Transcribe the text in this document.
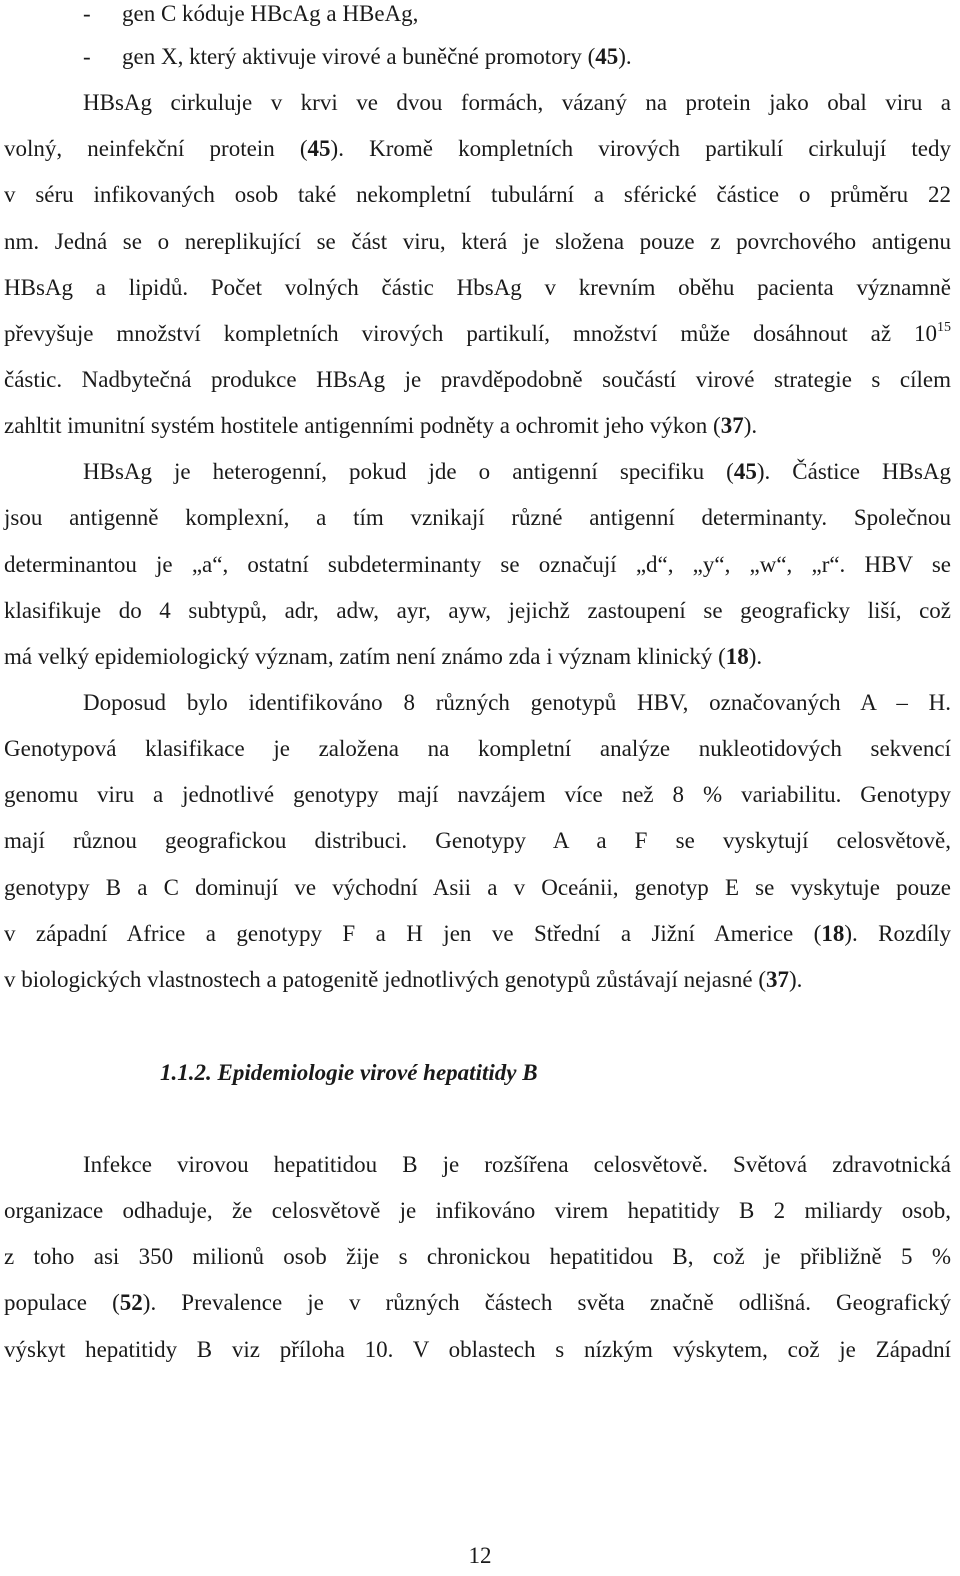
-	gen C kóduje HBcAg a HBeAg,
-	gen X, který aktivuje virové a buněčné promotory (45).
HBsAg cirkuluje v krvi ve dvou formách, vázaný na protein jako obal viru a
volný, neinfekční protein (45). Kromě kompletních virových partikulí cirkulují tedy
v séru infikovaných osob také nekompletní tubulární a sférické částice o průměru 22
nm. Jedná se o nereplikující se část viru, která je složena pouze z povrchového antigenu
HBsAg a lipidů. Počet volných částic HbsAg v krevním oběhu pacienta významně
převyšuje množství kompletních virových partikulí, množství může dosáhnout až $10^{15}$
částic. Nadbytečná produkce HBsAg je pravděpodobně součástí virové strategie s cílem
zahltit imunitní systém hostitele antigenními podněty a ochromit jeho výkon (37).
HBsAg je heterogenní, pokud jde o antigenní specifiku (45). Částice HBsAg
jsou antigenně komplexní, a tím vznikají různé antigenní determinanty. Společnou
determinantou je „a“, ostatní subdeterminanty se označují „d“, „y“, „w“, „r“. HBV se
klasifikuje do 4 subtypů, adr, adw, ayr, ayw, jejichž zastoupení se geograficky liší, což
má velký epidemiologický význam, zatím není známo zda i význam klinický (18).
Doposud bylo identifikováno 8 různých genotypů HBV, označovaných A – H.
Genotypová klasifikace je založena na kompletní analýze nukleotidových sekvencí
genomu viru a jednotlivé genotypy mají navzájem více než 8 % variabilitu. Genotypy
mají různou geografickou distribuci. Genotypy A a F se vyskytují celosvětově,
genotypy B a C dominují ve východní Asii a v Oceánii, genotyp E se vyskytuje pouze
v západní Africe a genotypy F a H jen ve Střední a Jižní Americe (18). Rozdíly
v biologických vlastnostech a patogenitě jednotlivých genotypů zůstávají nejasné (37).
1.1.2. Epidemiologie virové hepatitidy B
Infekce virovou hepatitidou B je rozšířena celosvětově. Světová zdravotnická
organizace odhaduje, že celosvětově je infikováno virem hepatitidy B 2 miliardy osob,
z toho asi 350 milionů osob žije s chronickou hepatitidou B, což je přibližně 5 %
populace (52). Prevalence je v různých částech světa značně odlišná. Geografický
výskyt hepatitidy B viz příloha 10. V oblastech s nízkým výskytem, což je Západní
12
